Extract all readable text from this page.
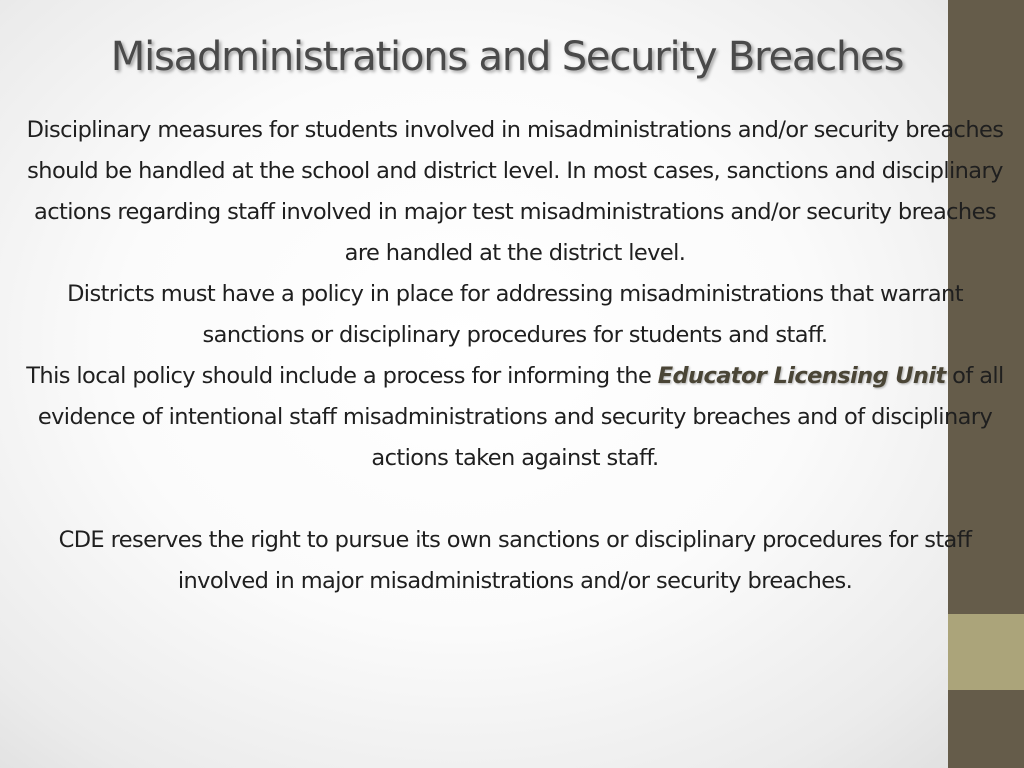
Misadministrations and Security Breaches

Disciplinary measures for students involved in misadministrations and/or security breaches should be handled at the school and district level. In most cases, sanctions and disciplinary actions regarding staff involved in major test misadministrations and/or security breaches are handled at the district level.

Districts must have a policy in place for addressing misadministrations that warrant sanctions or disciplinary procedures for students and staff.

This local policy should include a process for informing the Educator Licensing Unit of all evidence of intentional staff misadministrations and security breaches and of disciplinary actions taken against staff.

CDE reserves the right to pursue its own sanctions or disciplinary procedures for staff involved in major misadministrations and/or security breaches.
